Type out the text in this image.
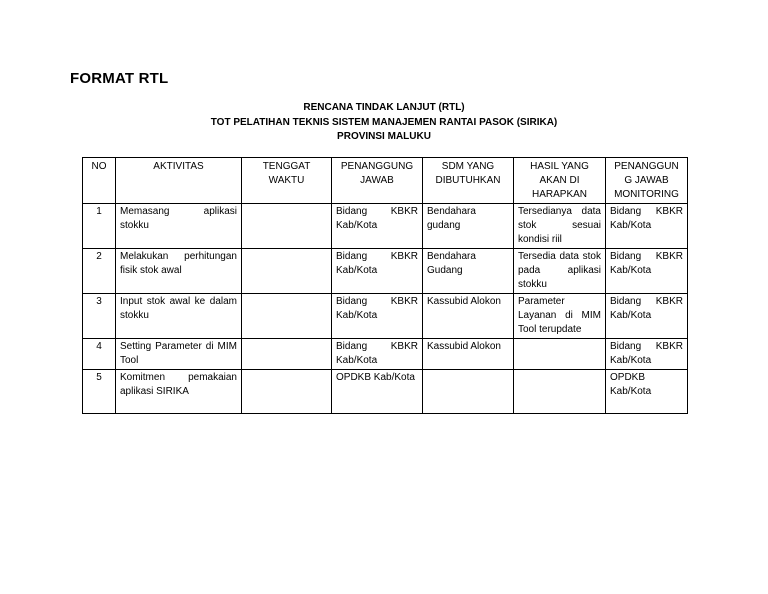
FORMAT RTL
RENCANA TINDAK LANJUT (RTL)
TOT PELATIHAN TEKNIS SISTEM MANAJEMEN RANTAI PASOK (SIRIKA)
PROVINSI MALUKU
NO	AKTIVITAS	TENGGAT WAKTU	PENANGGUNG JAWAB	SDM YANG DIBUTUHKAN	HASIL YANG AKAN DI HARAPKAN	PENANGGUN G JAWAB MONITORING
1	Memasang aplikasi stokku		Bidang KBKR Kab/Kota	Bendahara gudang	Tersedianya data stok sesuai kondisi riil	Bidang KBKR Kab/Kota
2	Melakukan perhitungan fisik stok awal		Bidang KBKR Kab/Kota	Bendahara Gudang	Tersedia data stok pada aplikasi stokku	Bidang KBKR Kab/Kota
3	Input stok awal ke dalam stokku		Bidang KBKR Kab/Kota	Kassubid Alokon	Parameter Layanan di MIM Tool terupdate	Bidang KBKR Kab/Kota
4	Setting Parameter di MIM Tool		Bidang KBKR Kab/Kota	Kassubid Alokon		Bidang KBKR Kab/Kota
5	Komitmen pemakaian aplikasi SIRIKA		OPDKB Kab/Kota			OPDKB Kab/Kota
